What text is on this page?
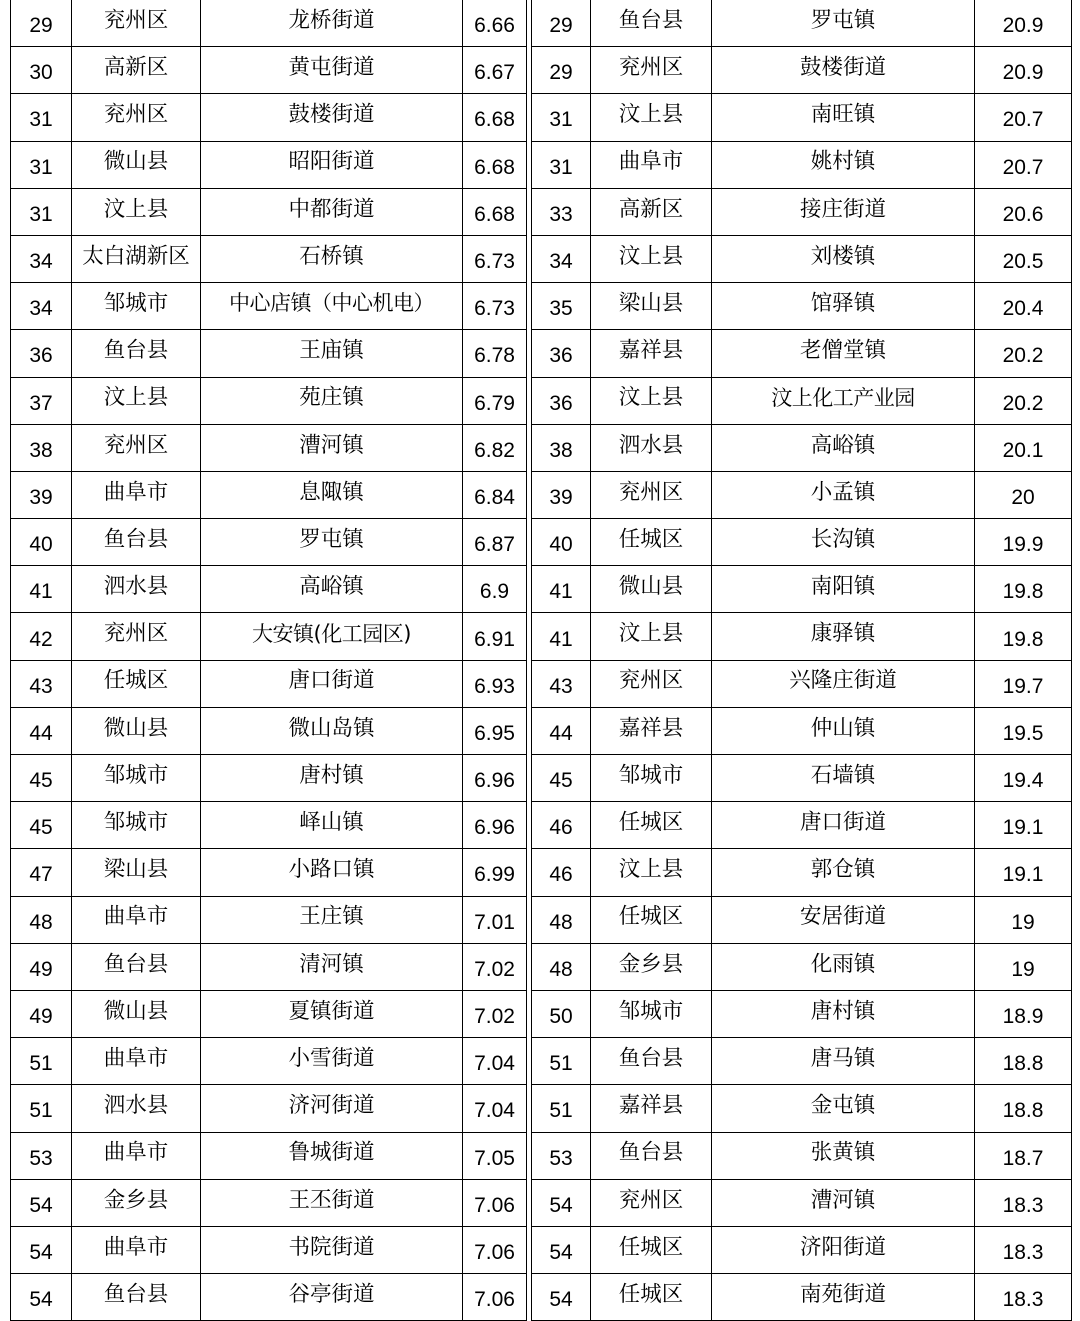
29	兖州区	龙桥街道	6.66
30	高新区	黄屯街道	6.67
31	兖州区	鼓楼街道	6.68
31	微山县	昭阳街道	6.68
31	汶上县	中都街道	6.68
34	太白湖新区	石桥镇	6.73
34	邹城市	中心店镇（中心机电）	6.73
36	鱼台县	王庙镇	6.78
37	汶上县	苑庄镇	6.79
38	兖州区	漕河镇	6.82
39	曲阜市	息陬镇	6.84
40	鱼台县	罗屯镇	6.87
41	泗水县	高峪镇	6.9
42	兖州区	大安镇(化工园区)	6.91
43	任城区	唐口街道	6.93
44	微山县	微山岛镇	6.95
45	邹城市	唐村镇	6.96
45	邹城市	峄山镇	6.96
47	梁山县	小路口镇	6.99
48	曲阜市	王庄镇	7.01
49	鱼台县	清河镇	7.02
49	微山县	夏镇街道	7.02
51	曲阜市	小雪街道	7.04
51	泗水县	济河街道	7.04
53	曲阜市	鲁城街道	7.05
54	金乡县	王丕街道	7.06
54	曲阜市	书院街道	7.06
54	鱼台县	谷亭街道	7.06
29	鱼台县	罗屯镇	20.9
29	兖州区	鼓楼街道	20.9
31	汶上县	南旺镇	20.7
31	曲阜市	姚村镇	20.7
33	高新区	接庄街道	20.6
34	汶上县	刘楼镇	20.5
35	梁山县	馆驿镇	20.4
36	嘉祥县	老僧堂镇	20.2
36	汶上县	汶上化工产业园	20.2
38	泗水县	高峪镇	20.1
39	兖州区	小孟镇	20
40	任城区	长沟镇	19.9
41	微山县	南阳镇	19.8
41	汶上县	康驿镇	19.8
43	兖州区	兴隆庄街道	19.7
44	嘉祥县	仲山镇	19.5
45	邹城市	石墙镇	19.4
46	任城区	唐口街道	19.1
46	汶上县	郭仓镇	19.1
48	任城区	安居街道	19
48	金乡县	化雨镇	19
50	邹城市	唐村镇	18.9
51	鱼台县	唐马镇	18.8
51	嘉祥县	金屯镇	18.8
53	鱼台县	张黄镇	18.7
54	兖州区	漕河镇	18.3
54	任城区	济阳街道	18.3
54	任城区	南苑街道	18.3
